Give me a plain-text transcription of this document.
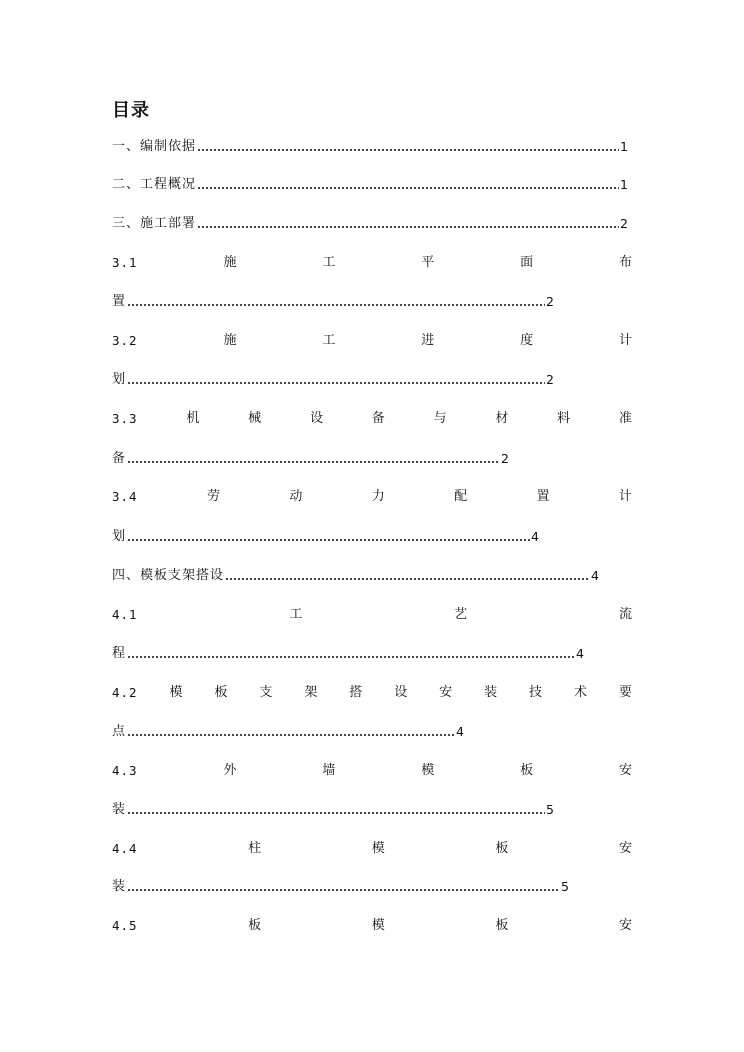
目录
一、编制依据	1
二、工程概况	1
三、施工部署	2
3.1	施	工	平	面	布
置	2
3.2	施	工	进	度	计
划	2
3.3	机	械	设	备	与	材	料	准
备	2
3.4	劳	动	力	配	置	计
划	4
四、模板支架搭设	4
4.1	工	艺	流
程	4
4.2 模 板 支 架 搭 设 安 装 技 术 要
点	4
4.3	外	墙	模	板	安
装	5
4.4	柱	模	板	安
装	5
4.5	板	模	板	安
